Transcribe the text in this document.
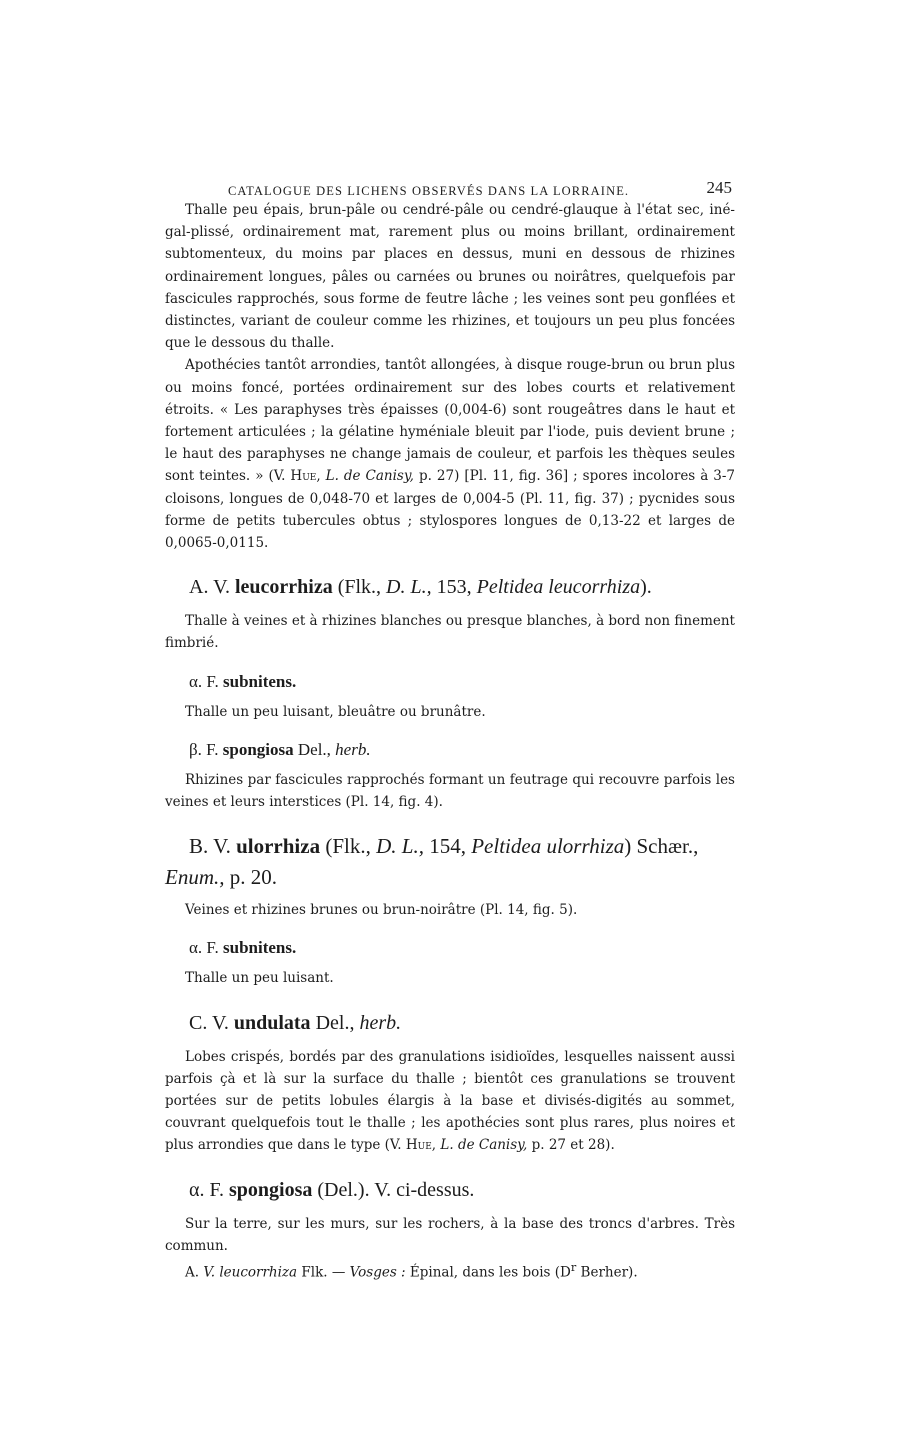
CATALOGUE DES LICHENS OBSERVÉS DANS LA LORRAINE.	245

Thalle peu épais, brun-pâle ou cendré-pâle ou cendré-glauque à l'état sec, iné-gal-plissé, ordinairement mat, rarement plus ou moins brillant, ordinairement subtomenteux, du moins par places en dessus, muni en dessous de rhizines ordinairement longues, pâles ou carnées ou brunes ou noirâtres, quelquefois par fascicules rapprochés, sous forme de feutre lâche ; les veines sont peu gonflées et distinctes, variant de couleur comme les rhizines, et toujours un peu plus foncées que le dessous du thalle.

Apothécies tantôt arrondies, tantôt allongées, à disque rouge-brun ou brun plus ou moins foncé, portées ordinairement sur des lobes courts et relativement étroits. « Les paraphyses très épaisses (0,004-6) sont rougeâtres dans le haut et fortement articulées ; la gélatine hyméniale bleuit par l'iode, puis devient brune ; le haut des paraphyses ne change jamais de couleur, et parfois les thèques seules sont teintes. » (V. Hue, L. de Canisy, p. 27) [Pl. 11, fig. 36] ; spores incolores à 3-7 cloisons, longues de 0,048-70 et larges de 0,004-5 (Pl. 11, fig. 37) ; pycnides sous forme de petits tubercules obtus ; stylospores longues de 0,13-22 et larges de 0,0065-0,0115.

A. V. leucorrhiza (Flk., D. L., 153, Peltidea leucorrhiza).

Thalle à veines et à rhizines blanches ou presque blanches, à bord non finement fimbrié.

α. F. subnitens.

Thalle un peu luisant, bleuâtre ou brunâtre.

β. F. spongiosa Del., herb.

Rhizines par fascicules rapprochés formant un feutrage qui recouvre parfois les veines et leurs interstices (Pl. 14, fig. 4).

B. V. ulorrhiza (Flk., D. L., 154, Peltidea ulorrhiza) Schær.,
Enum., p. 20.

Veines et rhizines brunes ou brun-noirâtre (Pl. 14, fig. 5).

α. F. subnitens.

Thalle un peu luisant.

C. V. undulata Del., herb.

Lobes crispés, bordés par des granulations isidioïdes, lesquelles naissent aussi parfois çà et là sur la surface du thalle ; bientôt ces granulations se trouvent portées sur de petits lobules élargis à la base et divisés-digités au sommet, couvrant quelquefois tout le thalle ; les apothécies sont plus rares, plus noires et plus arrondies que dans le type (V. Hue, L. de Canisy, p. 27 et 28).

α. F. spongiosa (Del.). V. ci-dessus.

Sur la terre, sur les murs, sur les rochers, à la base des troncs d'arbres. Très commun.

A. V. leucorrhiza Flk. — Vosges : Épinal, dans les bois ($D^r$ Berher).
